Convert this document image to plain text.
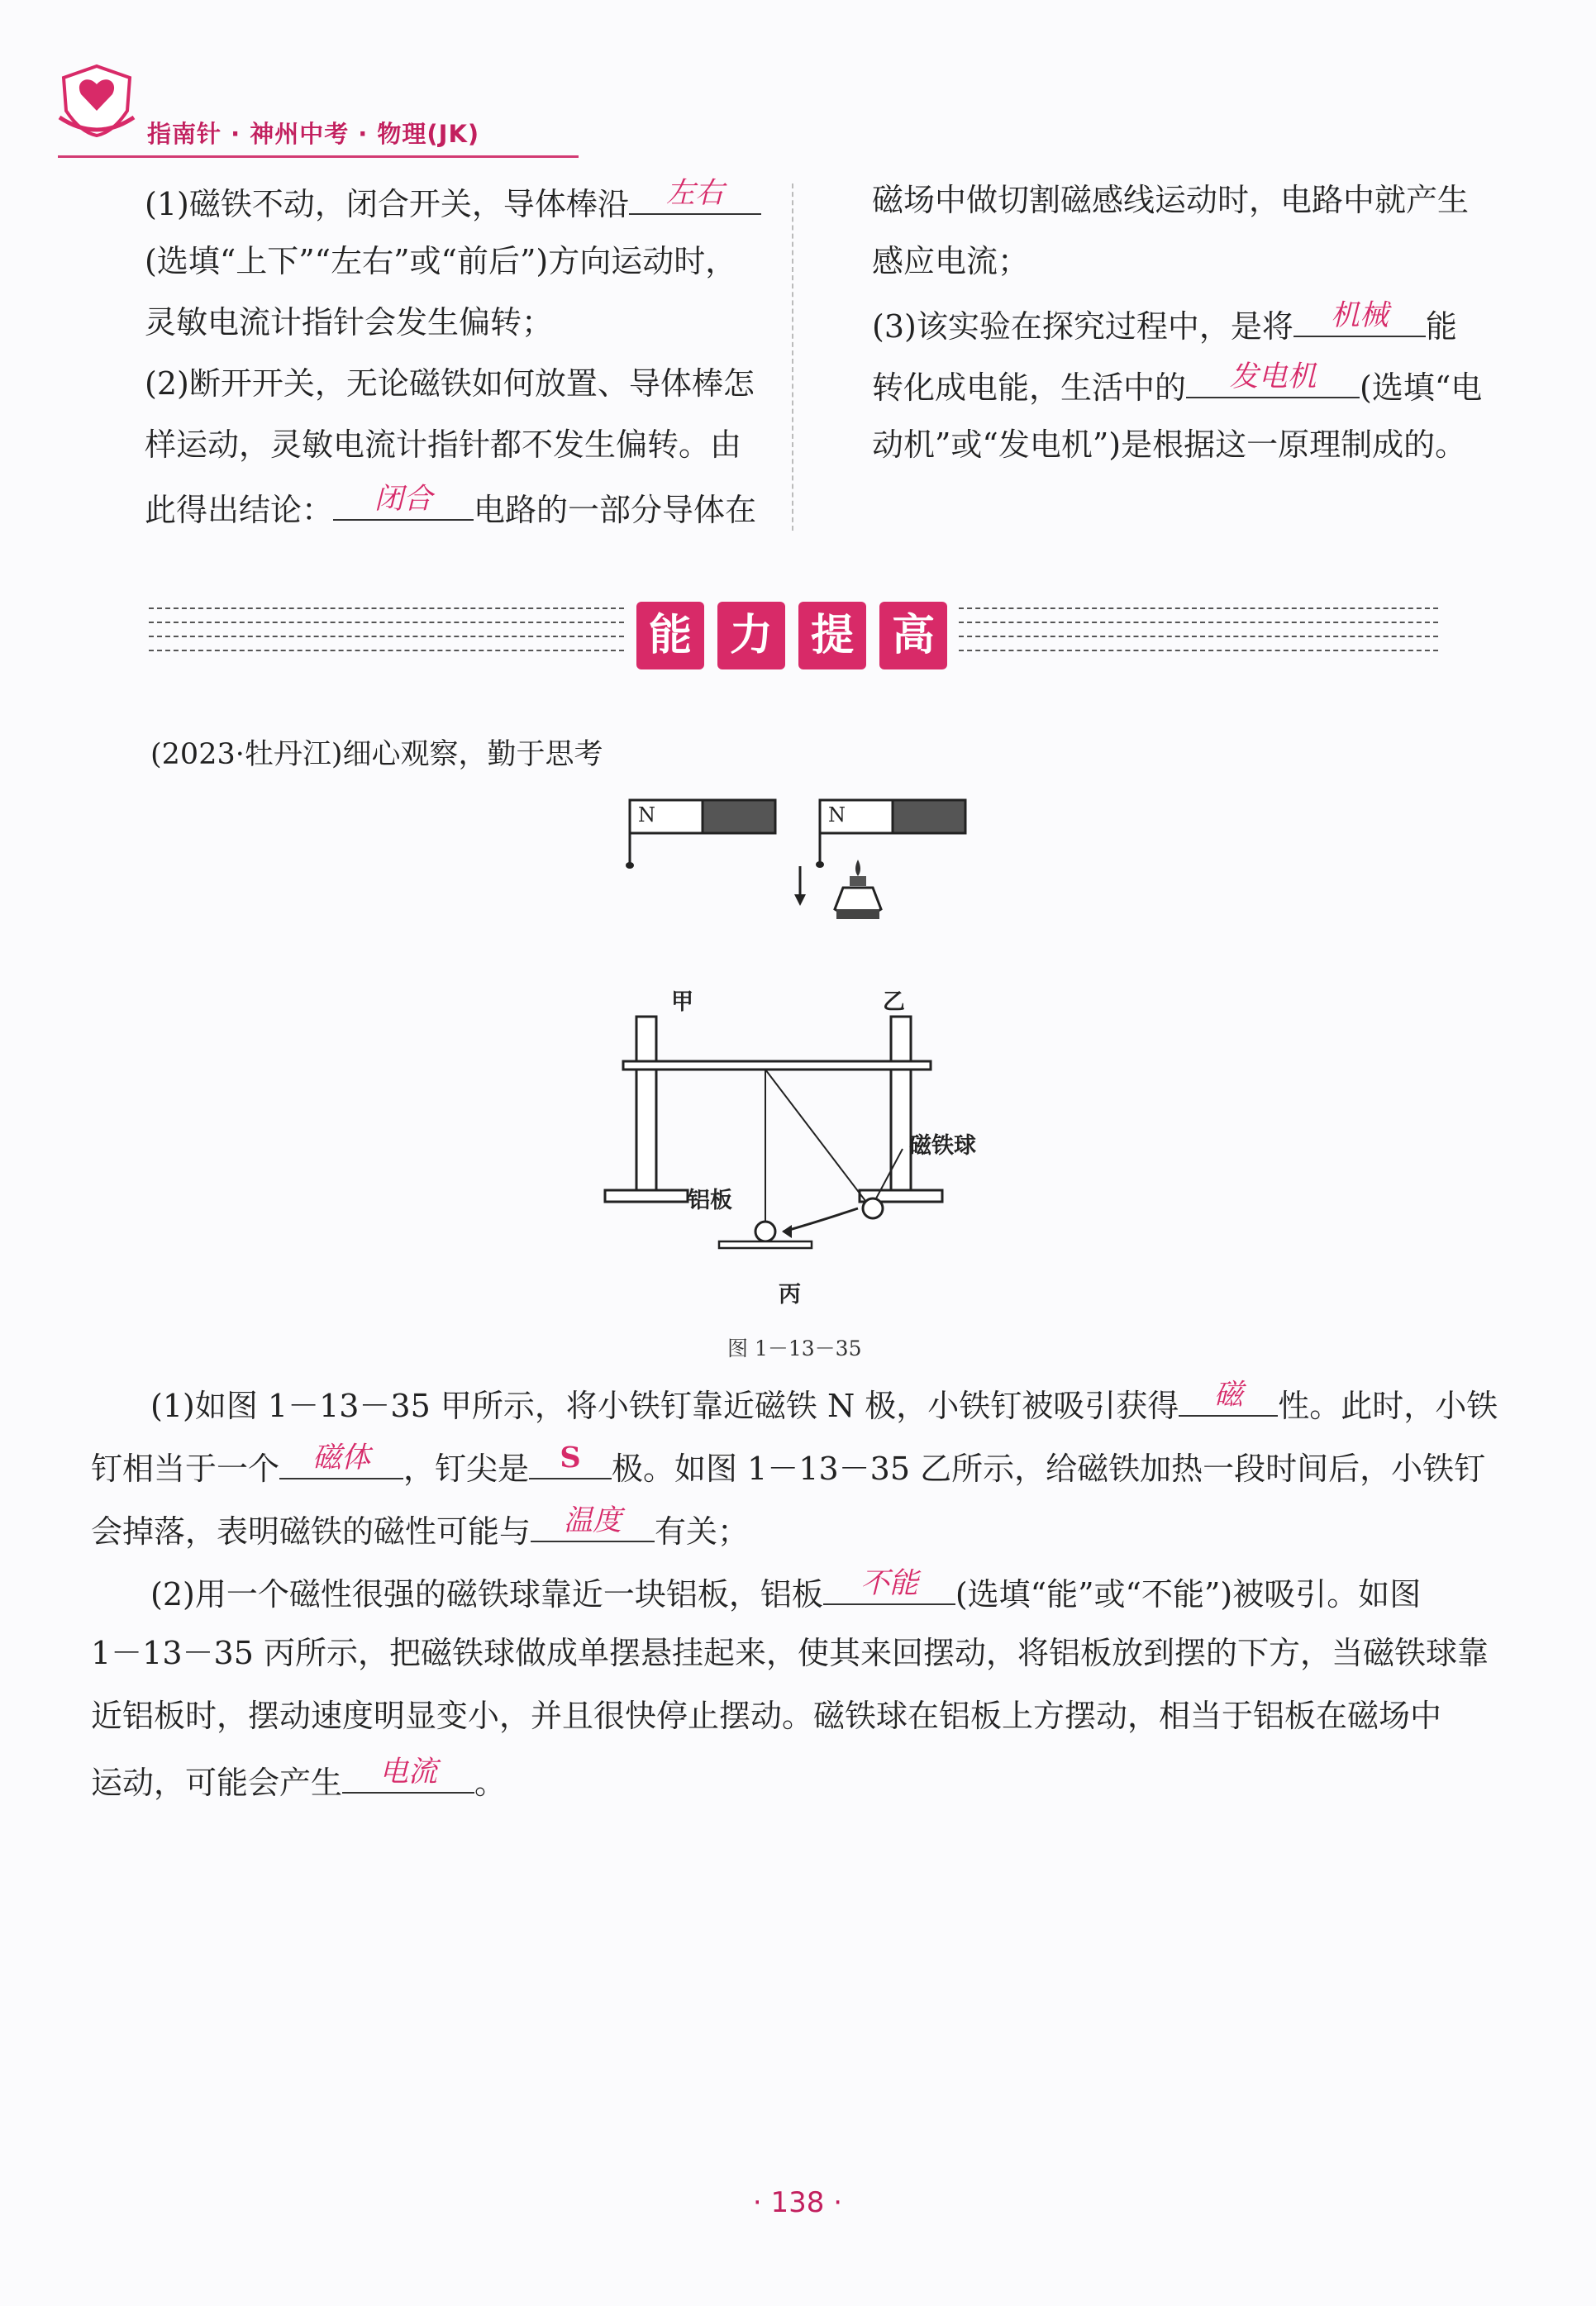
指南针 · 神州中考 · 物理(JK)
(1)磁铁不动，闭合开关，导体棒沿	左右
(选填“上下”“左右”或“前后”)方向运动时，
灵敏电流计指针会发生偏转；
(2)断开开关，无论磁铁如何放置、导体棒怎
样运动，灵敏电流计指针都不发生偏转。由
此得出结论：	闭合	电路的一部分导体在
磁场中做切割磁感线运动时，电路中就产生
感应电流；
(3)该实验在探究过程中，是将	机械	能
转化成电能，生活中的	发电机	(选填“电
动机”或“发电机”)是根据这一原理制成的。
能 力 提 高
(2023·牡丹江)细心观察，勤于思考
N	N
甲	乙
磁铁球
铝板
丙
图 1－13－35
(1)如图 1－13－35 甲所示，将小铁钉靠近磁铁 N 极，小铁钉被吸引获得	磁	性。此时，小铁
钉相当于一个	磁体	，钉尖是	S 极。如图 1－13－35 乙所示，给磁铁加热一段时间后，小铁钉
会掉落，表明磁铁的磁性可能与	温度	有关；
(2)用一个磁性很强的磁铁球靠近一块铝板，铝板	不能	(选填“能”或“不能”)被吸引。如图
1－13－35 丙所示，把磁铁球做成单摆悬挂起来，使其来回摆动，将铝板放到摆的下方，当磁铁球靠
近铝板时，摆动速度明显变小，并且很快停止摆动。磁铁球在铝板上方摆动，相当于铝板在磁场中
运动，可能会产生	电流	。
· 138 ·
